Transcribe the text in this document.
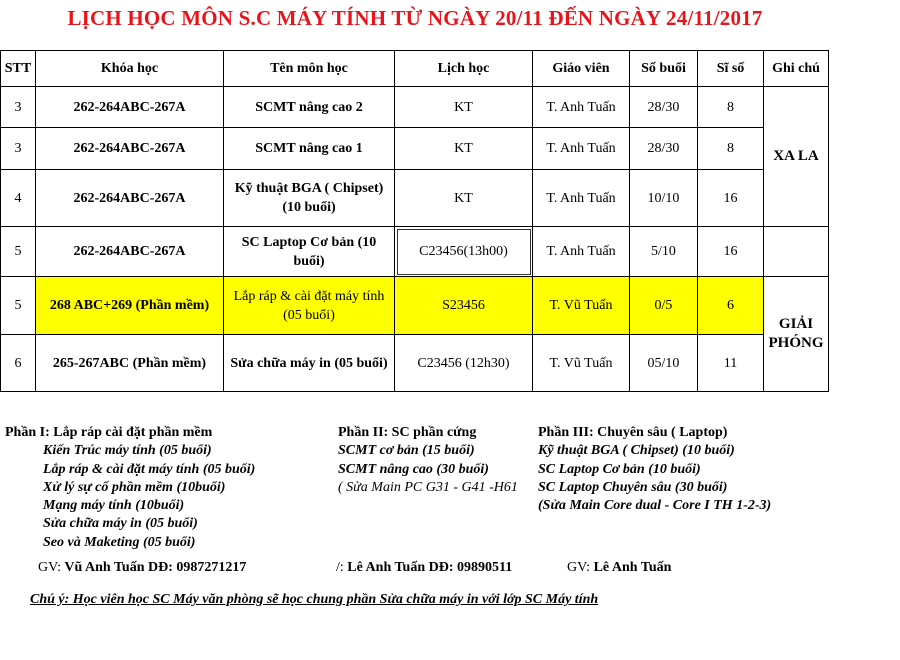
LỊCH HỌC MÔN S.C MÁY TÍNH TỪ NGÀY 20/11 ĐẾN NGÀY 24/11/2017
STT	Khóa học	Tên môn học	Lịch học	Giáo viên	Số buổi	Sĩ số	Ghi chú
3	262-264ABC-267A	SCMT nâng cao 2	KT	T. Anh Tuấn	28/30	8	XA LA
3	262-264ABC-267A	SCMT nâng cao 1	KT	T. Anh Tuấn	28/30	8	
4	262-264ABC-267A	Kỹ thuật BGA ( Chipset) (10 buổi)	KT	T. Anh Tuấn	10/10	16	
5	262-264ABC-267A	SC Laptop Cơ bản (10 buổi)	C23456(13h00)	T. Anh Tuấn	5/10	16	
5	268 ABC+269 (Phần mềm)	Lắp ráp & cài đặt máy tính (05 buổi)	S23456	T. Vũ Tuấn	0/5	6	GIẢI PHÓNG
6	265-267ABC (Phần mềm)	Sửa chữa máy in (05 buổi)	C23456 (12h30)	T. Vũ Tuấn	05/10	11	
Phần I: Lắp ráp cài đặt phần mềm
Kiến Trúc máy tính (05 buổi)
Lắp ráp & cài đặt máy tính (05 buổi)
Xử lý sự cố phần mềm (10buổi)
Mạng máy tính (10buổi)
Sửa chữa máy in (05 buổi)
Seo và Maketing (05 buổi)
Phần II: SC phần cứng
SCMT cơ bản (15 buổi)
SCMT nâng cao (30 buổi)
( Sửa Main PC G31 - G41 -H61
Phần III: Chuyên sâu ( Laptop)
Kỹ thuật BGA ( Chipset) (10 buổi)
SC Laptop Cơ bản (10 buổi)
SC Laptop Chuyên sâu (30 buổi)
(Sửa Main Core dual - Core I TH 1-2-3)
GV: Vũ Anh Tuấn DĐ: 0987271217	/: Lê Anh Tuấn DĐ: 09890511	GV: Lê Anh Tuấn
Chú ý: Học viên học SC Máy văn phòng sẽ học chung phần Sửa chữa máy in với lớp SC Máy tính
